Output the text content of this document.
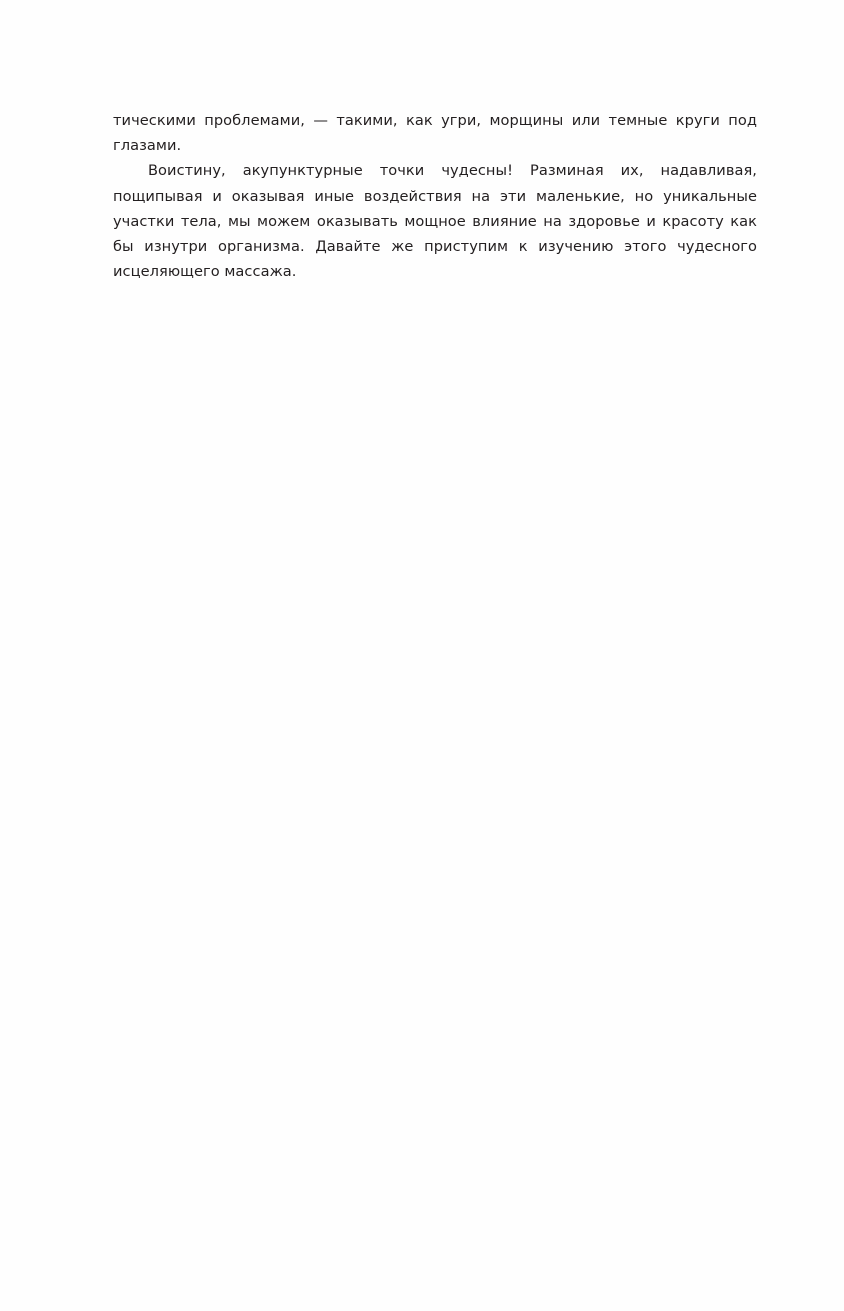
тическими проблемами, — такими, как угри, морщины или темные круги под глазами.

Воистину, акупунктурные точки чудесны! Разминая их, надавливая, пощипывая и оказывая иные воздействия на эти маленькие, но уникальные участки тела, мы можем оказывать мощное влияние на здоровье и красоту как бы изнутри организма. Давайте же приступим к изучению этого чудесного исцеляющего массажа.
